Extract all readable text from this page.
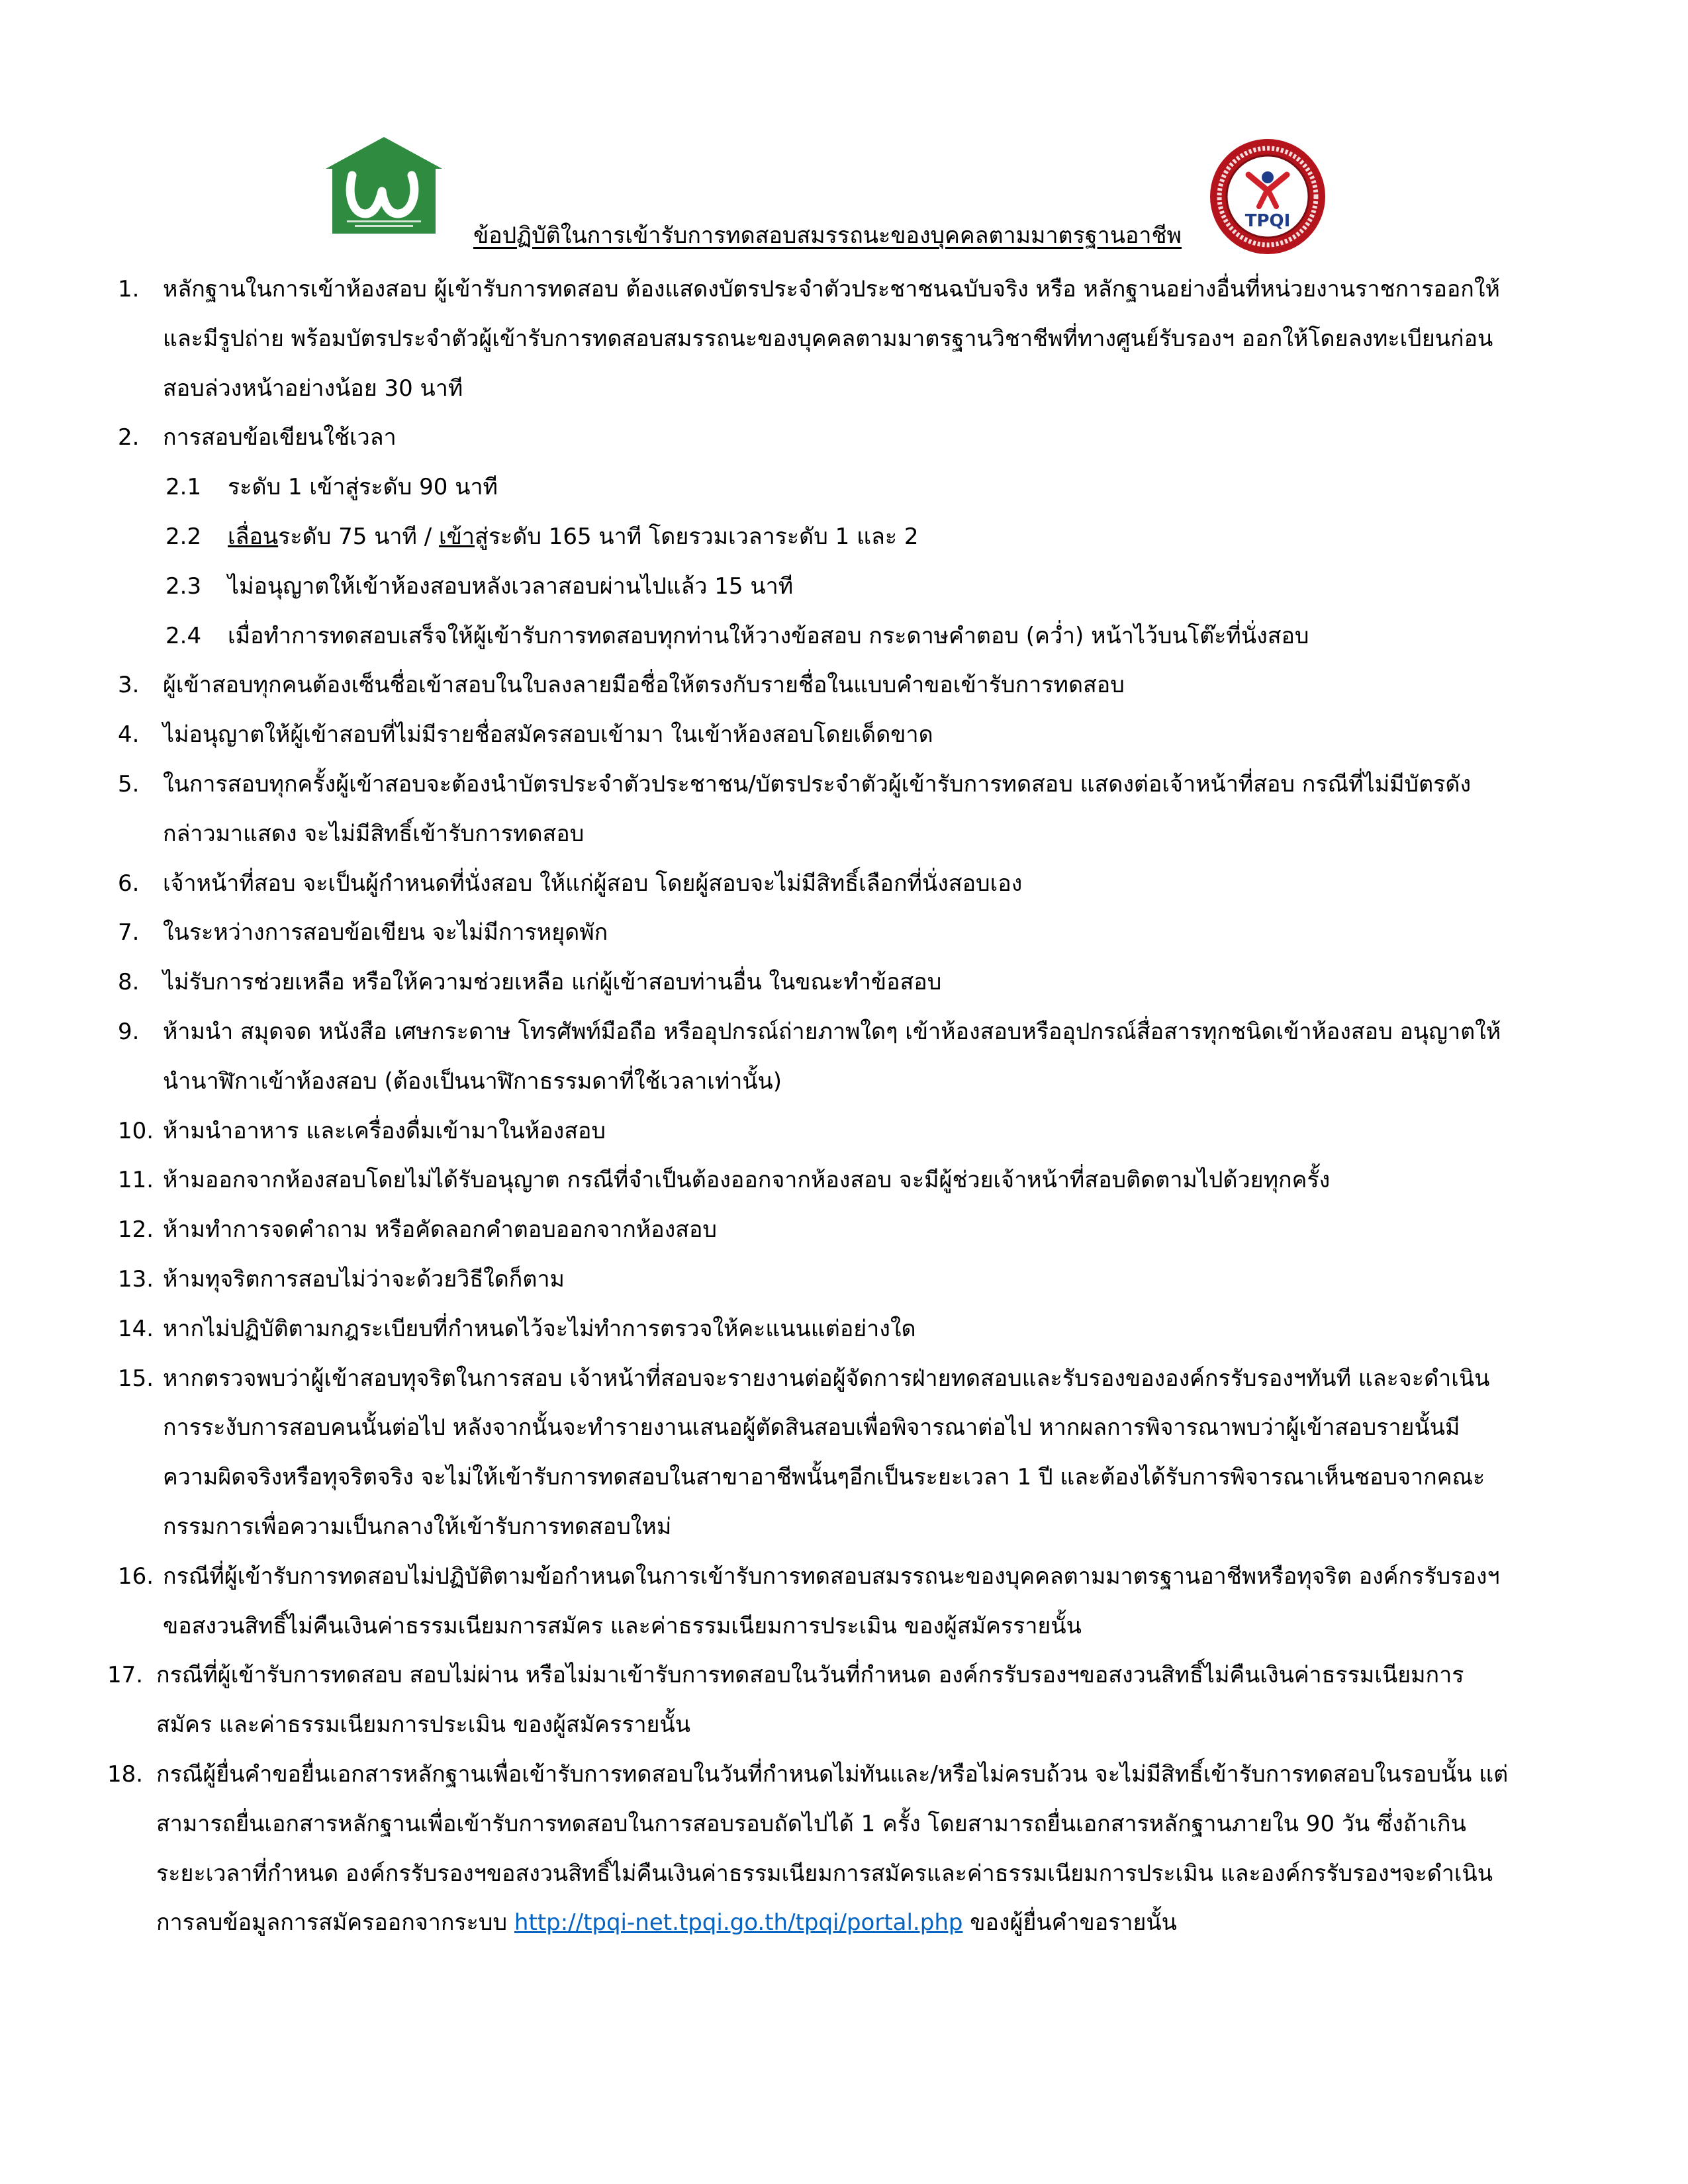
TPQI
ข้อปฏิบัติในการเข้ารับการทดสอบสมรรถนะของบุคคลตามมาตรฐานอาชีพ
1.	หลักฐานในการเข้าห้องสอบ ผู้เข้ารับการทดสอบ ต้องแสดงบัตรประจำตัวประชาชนฉบับจริง หรือ หลักฐานอย่างอื่นที่หน่วยงานราชการออกให้และมีรูปถ่าย พร้อมบัตรประจำตัวผู้เข้ารับการทดสอบสมรรถนะของบุคคลตามมาตรฐานวิชาชีพที่ทางศูนย์รับรองฯ ออกให้โดยลงทะเบียนก่อนสอบล่วงหน้าอย่างน้อย 30 นาที
2.	การสอบข้อเขียนใช้เวลา
2.1	ระดับ 1 เข้าสู่ระดับ 90 นาที
2.2	เลื่อนระดับ 75 นาที / เข้าสู่ระดับ 165 นาที โดยรวมเวลาระดับ 1 และ 2
2.3	ไม่อนุญาตให้เข้าห้องสอบหลังเวลาสอบผ่านไปแล้ว 15 นาที
2.4	เมื่อทำการทดสอบเสร็จให้ผู้เข้ารับการทดสอบทุกท่านให้วางข้อสอบ กระดาษคำตอบ (คว่ำ) หน้าไว้บนโต๊ะที่นั่งสอบ
3.	ผู้เข้าสอบทุกคนต้องเซ็นชื่อเข้าสอบในใบลงลายมือชื่อให้ตรงกับรายชื่อในแบบคำขอเข้ารับการทดสอบ
4.	ไม่อนุญาตให้ผู้เข้าสอบที่ไม่มีรายชื่อสมัครสอบเข้ามา ในเข้าห้องสอบโดยเด็ดขาด
5.	ในการสอบทุกครั้งผู้เข้าสอบจะต้องนำบัตรประจำตัวประชาชน/บัตรประจำตัวผู้เข้ารับการทดสอบ แสดงต่อเจ้าหน้าที่สอบ กรณีที่ไม่มีบัตรดังกล่าวมาแสดง จะไม่มีสิทธิ์เข้ารับการทดสอบ
6.	เจ้าหน้าที่สอบ จะเป็นผู้กำหนดที่นั่งสอบ ให้แก่ผู้สอบ โดยผู้สอบจะไม่มีสิทธิ์เลือกที่นั่งสอบเอง
7.	ในระหว่างการสอบข้อเขียน จะไม่มีการหยุดพัก
8.	ไม่รับการช่วยเหลือ หรือให้ความช่วยเหลือ แก่ผู้เข้าสอบท่านอื่น ในขณะทำข้อสอบ
9.	ห้ามนำ สมุดจด หนังสือ เศษกระดาษ โทรศัพท์มือถือ หรืออุปกรณ์ถ่ายภาพใดๆ เข้าห้องสอบหรืออุปกรณ์สื่อสารทุกชนิดเข้าห้องสอบ อนุญาตให้นำนาฬิกาเข้าห้องสอบ (ต้องเป็นนาฬิกาธรรมดาที่ใช้เวลาเท่านั้น)
10. ห้ามนำอาหาร และเครื่องดื่มเข้ามาในห้องสอบ
11. ห้ามออกจากห้องสอบโดยไม่ได้รับอนุญาต กรณีที่จำเป็นต้องออกจากห้องสอบ จะมีผู้ช่วยเจ้าหน้าที่สอบติดตามไปด้วยทุกครั้ง
12. ห้ามทำการจดคำถาม หรือคัดลอกคำตอบออกจากห้องสอบ
13. ห้ามทุจริตการสอบไม่ว่าจะด้วยวิธีใดก็ตาม
14. หากไม่ปฏิบัติตามกฎระเบียบที่กำหนดไว้จะไม่ทำการตรวจให้คะแนนแต่อย่างใด
15. หากตรวจพบว่าผู้เข้าสอบทุจริตในการสอบ เจ้าหน้าที่สอบจะรายงานต่อผู้จัดการฝ่ายทดสอบและรับรองขององค์กรรับรองฯทันที และจะดำเนินการระงับการสอบคนนั้นต่อไป หลังจากนั้นจะทำรายงานเสนอผู้ตัดสินสอบเพื่อพิจารณาต่อไป หากผลการพิจารณาพบว่าผู้เข้าสอบรายนั้นมีความผิดจริงหรือทุจริตจริง จะไม่ให้เข้ารับการทดสอบในสาขาอาชีพนั้นๆอีกเป็นระยะเวลา 1 ปี และต้องได้รับการพิจารณาเห็นชอบจากคณะกรรมการเพื่อความเป็นกลางให้เข้ารับการทดสอบใหม่
16. กรณีที่ผู้เข้ารับการทดสอบไม่ปฏิบัติตามข้อกำหนดในการเข้ารับการทดสอบสมรรถนะของบุคคลตามมาตรฐานอาชีพหรือทุจริต องค์กรรับรองฯ ขอสงวนสิทธิ์ไม่คืนเงินค่าธรรมเนียมการสมัคร และค่าธรรมเนียมการประเมิน ของผู้สมัครรายนั้น
17. กรณีที่ผู้เข้ารับการทดสอบ สอบไม่ผ่าน หรือไม่มาเข้ารับการทดสอบในวันที่กำหนด องค์กรรับรองฯขอสงวนสิทธิ์ไม่คืนเงินค่าธรรมเนียมการสมัคร และค่าธรรมเนียมการประเมิน ของผู้สมัครรายนั้น
18. กรณีผู้ยื่นคำขอยื่นเอกสารหลักฐานเพื่อเข้ารับการทดสอบในวันที่กำหนดไม่ทันและ/หรือไม่ครบถ้วน จะไม่มีสิทธิ์เข้ารับการทดสอบในรอบนั้น แต่สามารถยื่นเอกสารหลักฐานเพื่อเข้ารับการทดสอบในการสอบรอบถัดไปได้ 1 ครั้ง โดยสามารถยื่นเอกสารหลักฐานภายใน 90 วัน ซึ่งถ้าเกินระยะเวลาที่กำหนด องค์กรรับรองฯขอสงวนสิทธิ์ไม่คืนเงินค่าธรรมเนียมการสมัครและค่าธรรมเนียมการประเมิน และองค์กรรับรองฯจะดำเนินการลบข้อมูลการสมัครออกจากระบบ http://tpqi-net.tpqi.go.th/tpqi/portal.php ของผู้ยื่นคำขอรายนั้น
